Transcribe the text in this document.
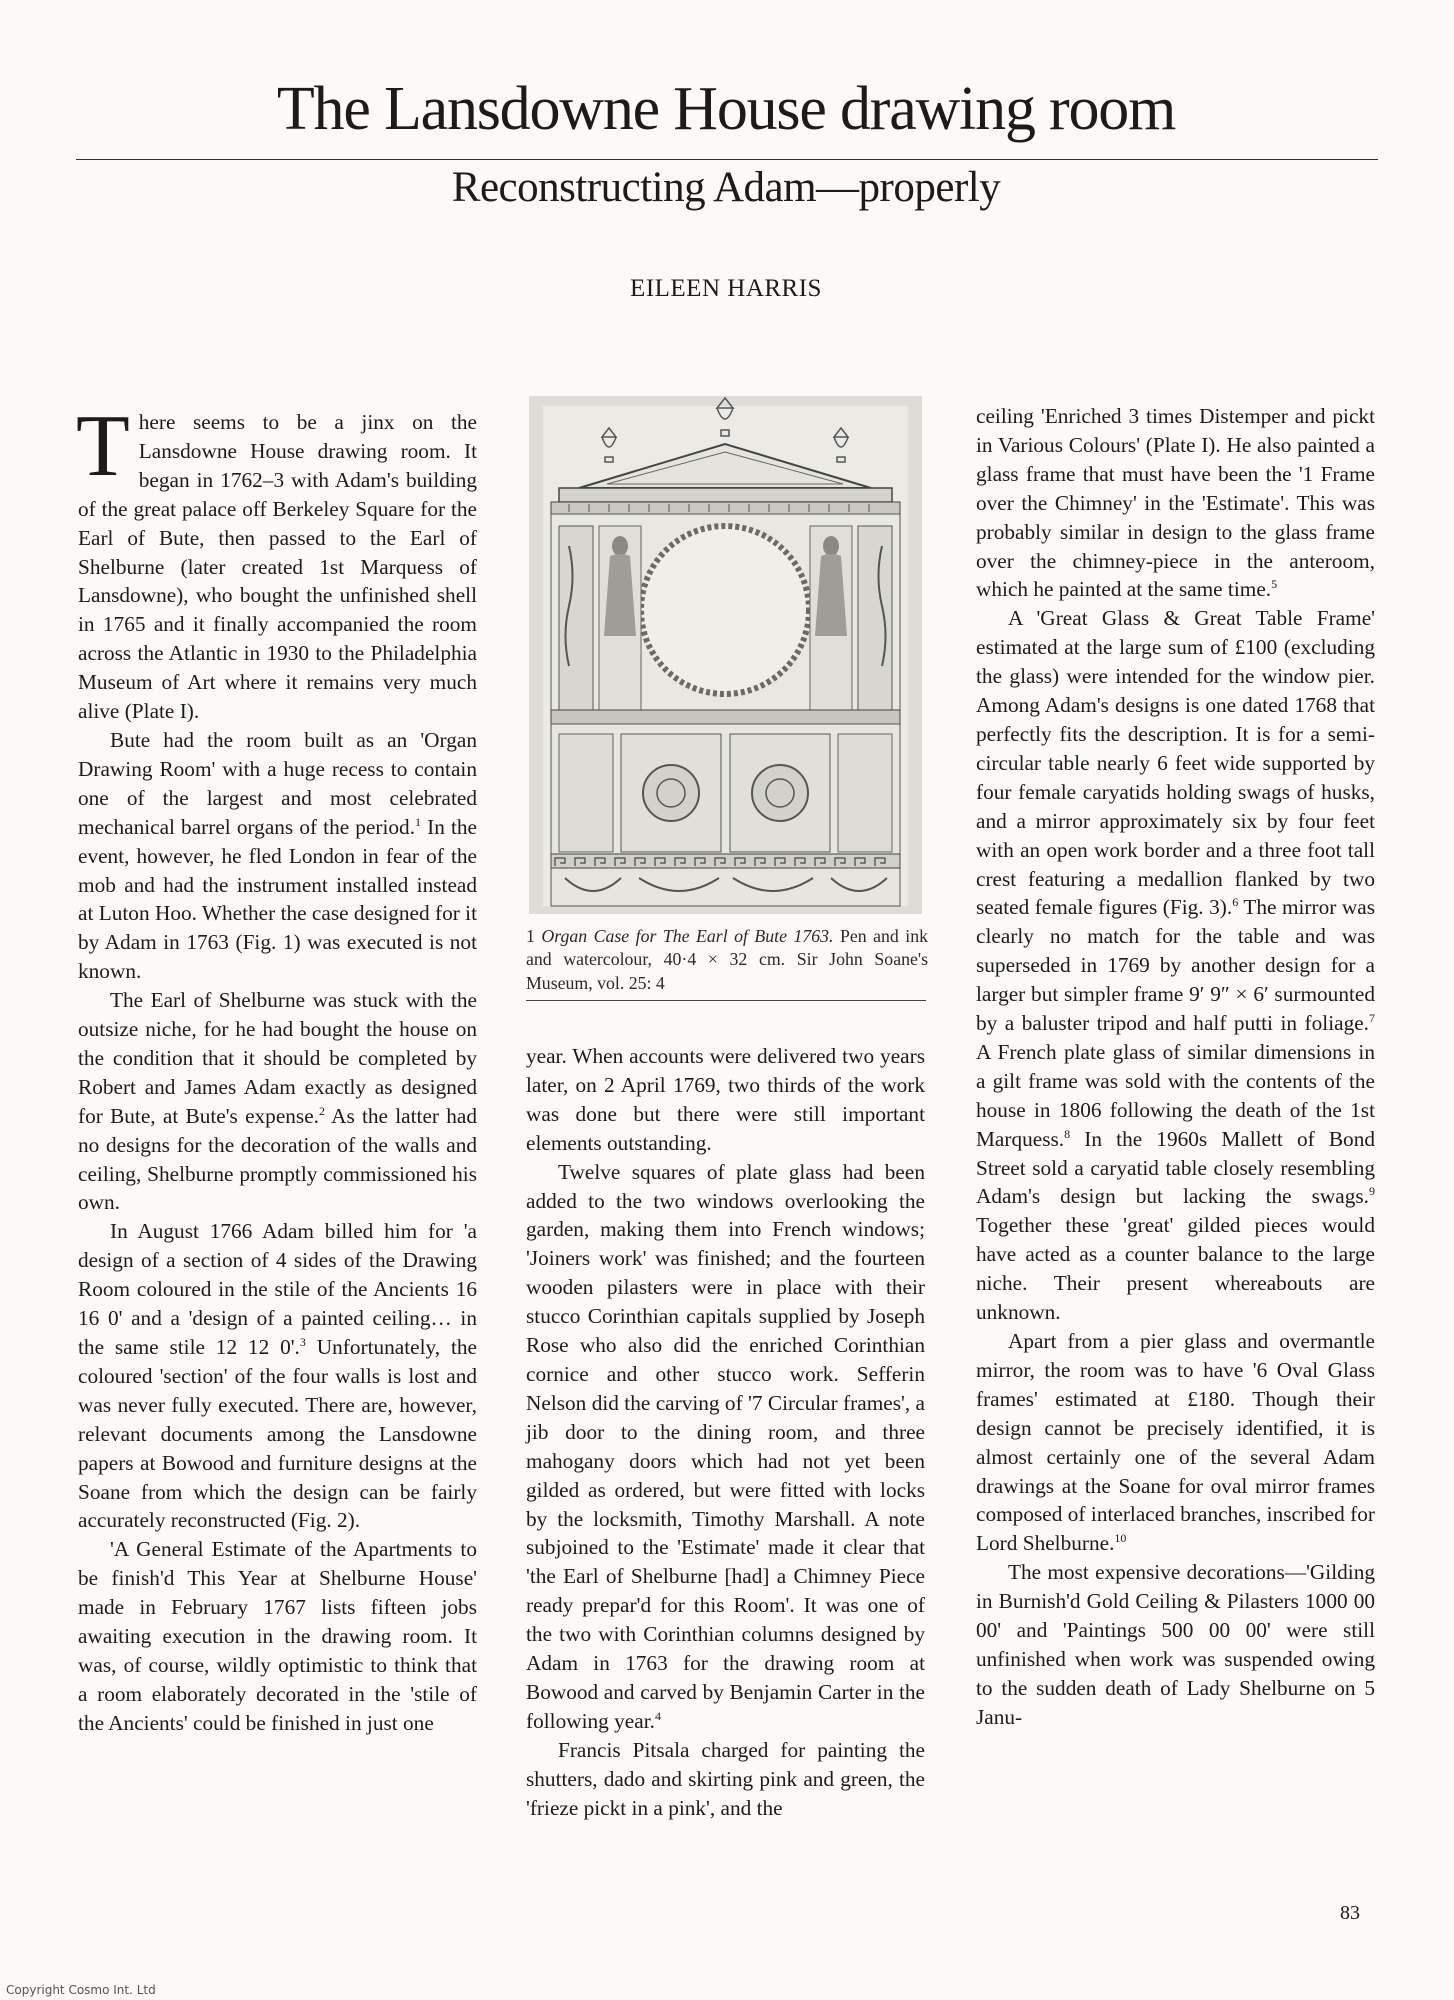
The Lansdowne House drawing room
Reconstructing Adam—properly
EILEEN HARRIS

There seems to be a jinx on the Lansdowne House drawing room. It began in 1762–3 with Adam's building of the great palace off Berkeley Square for the Earl of Bute, then passed to the Earl of Shelburne (later created 1st Marquess of Lansdowne), who bought the unfinished shell in 1765 and it finally accompanied the room across the Atlantic in 1930 to the Philadelphia Museum of Art where it remains very much alive (Plate I).

Bute had the room built as an 'Organ Drawing Room' with a huge recess to contain one of the largest and most celebrated mechanical barrel organs of the period.$^1$ In the event, however, he fled London in fear of the mob and had the instrument installed instead at Luton Hoo. Whether the case designed for it by Adam in 1763 (Fig. 1) was executed is not known.

The Earl of Shelburne was stuck with the outsize niche, for he had bought the house on the condition that it should be completed by Robert and James Adam exactly as designed for Bute, at Bute's expense.$^2$ As the latter had no designs for the decoration of the walls and ceiling, Shelburne promptly commissioned his own.

In August 1766 Adam billed him for 'a design of a section of 4 sides of the Drawing Room coloured in the stile of the Ancients 16 16 0' and a 'design of a painted ceiling… in the same stile 12 12 0'.$^3$ Unfortunately, the coloured 'section' of the four walls is lost and was never fully executed. There are, however, relevant documents among the Lansdowne papers at Bowood and furniture designs at the Soane from which the design can be fairly accurately reconstructed (Fig. 2).

'A General Estimate of the Apartments to be finish'd This Year at Shelburne House' made in February 1767 lists fifteen jobs awaiting execution in the drawing room. It was, of course, wildly optimistic to think that a room elaborately decorated in the 'stile of the Ancients' could be finished in just one

1 Organ Case for The Earl of Bute 1763. Pen and ink and watercolour, 40·4 × 32 cm. Sir John Soane's Museum, vol. 25: 4

year. When accounts were delivered two years later, on 2 April 1769, two thirds of the work was done but there were still important elements outstanding.

Twelve squares of plate glass had been added to the two windows overlooking the garden, making them into French windows; 'Joiners work' was finished; and the fourteen wooden pilasters were in place with their stucco Corinthian capitals supplied by Joseph Rose who also did the enriched Corinthian cornice and other stucco work. Sefferin Nelson did the carving of '7 Circular frames', a jib door to the dining room, and three mahogany doors which had not yet been gilded as ordered, but were fitted with locks by the locksmith, Timothy Marshall. A note subjoined to the 'Estimate' made it clear that 'the Earl of Shelburne [had] a Chimney Piece ready prepar'd for this Room'. It was one of the two with Corinthian columns designed by Adam in 1763 for the drawing room at Bowood and carved by Benjamin Carter in the following year.$^4$

Francis Pitsala charged for painting the shutters, dado and skirting pink and green, the 'frieze pickt in a pink', and the

ceiling 'Enriched 3 times Distemper and pickt in Various Colours' (Plate I). He also painted a glass frame that must have been the '1 Frame over the Chimney' in the 'Estimate'. This was probably similar in design to the glass frame over the chimney-piece in the anteroom, which he painted at the same time.$^5$

A 'Great Glass & Great Table Frame' estimated at the large sum of £100 (excluding the glass) were intended for the window pier. Among Adam's designs is one dated 1768 that perfectly fits the description. It is for a semi-circular table nearly 6 feet wide supported by four female caryatids holding swags of husks, and a mirror approximately six by four feet with an open work border and a three foot tall crest featuring a medallion flanked by two seated female figures (Fig. 3).$^6$ The mirror was clearly no match for the table and was superseded in 1769 by another design for a larger but simpler frame 9′ 9″ × 6′ surmounted by a baluster tripod and half putti in foliage.$^7$ A French plate glass of similar dimensions in a gilt frame was sold with the contents of the house in 1806 following the death of the 1st Marquess.$^8$ In the 1960s Mallett of Bond Street sold a caryatid table closely resembling Adam's design but lacking the swags.$^9$ Together these 'great' gilded pieces would have acted as a counter balance to the large niche. Their present whereabouts are unknown.

Apart from a pier glass and overmantle mirror, the room was to have '6 Oval Glass frames' estimated at £180. Though their design cannot be precisely identified, it is almost certainly one of the several Adam drawings at the Soane for oval mirror frames composed of interlaced branches, inscribed for Lord Shelburne.$^{10}$

The most expensive decorations—'Gilding in Burnish'd Gold Ceiling & Pilasters 1000 00 00' and 'Paintings 500 00 00' were still unfinished when work was suspended owing to the sudden death of Lady Shelburne on 5 Janu-

83
Copyright Cosmo Int. Ltd
